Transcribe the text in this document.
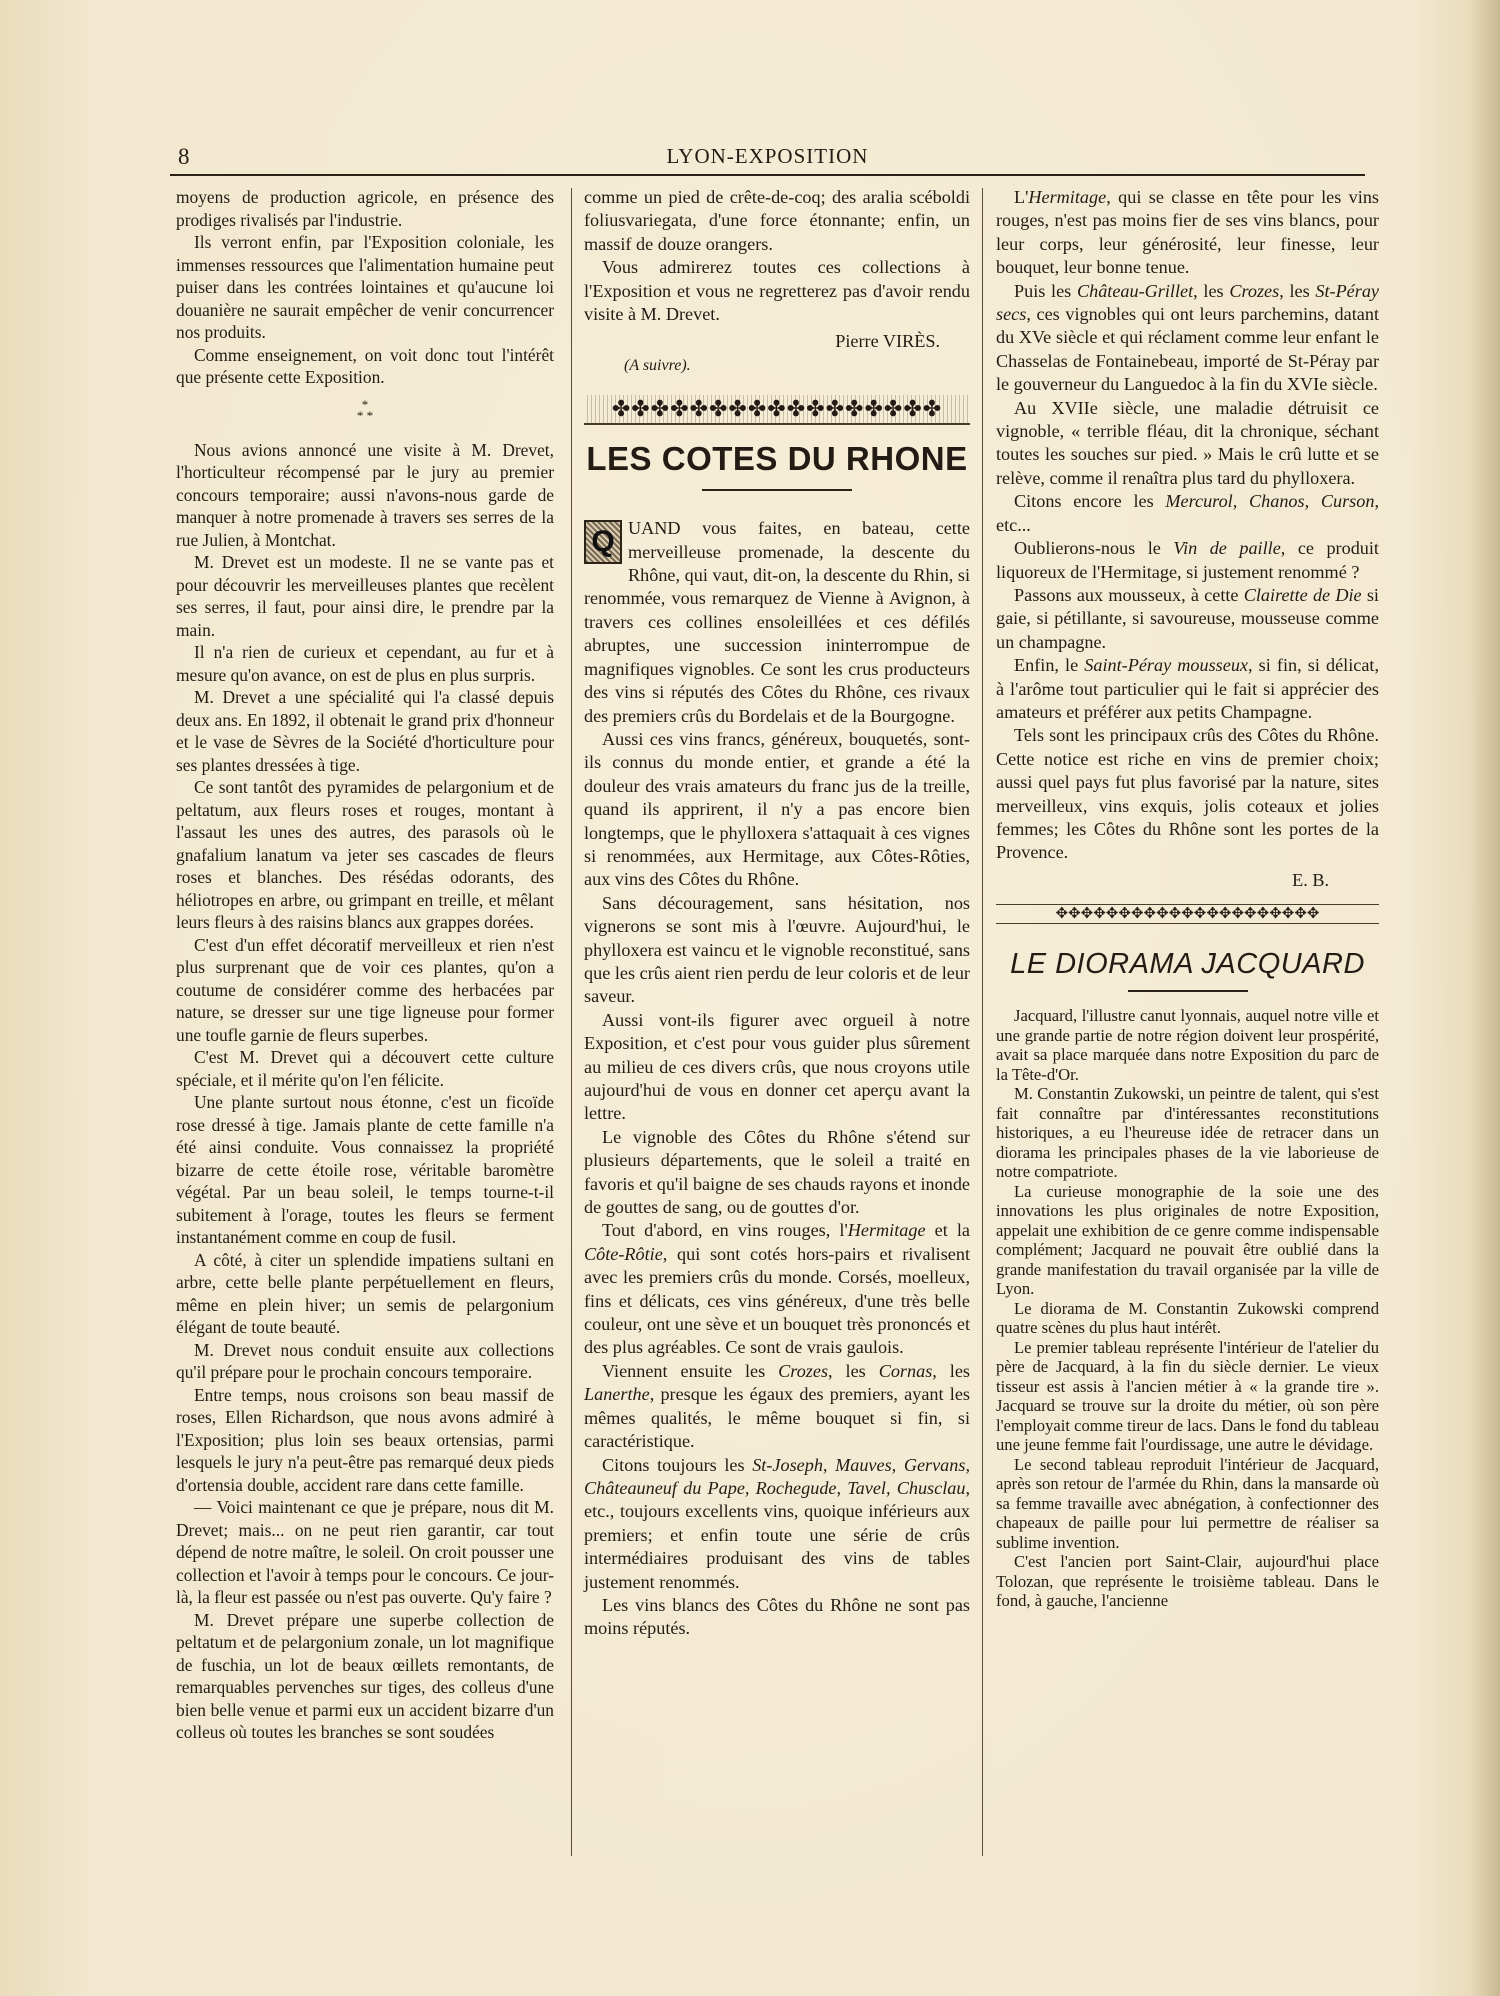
8	LYON-EXPOSITION

moyens de production agricole, en présence des prodiges rivalisés par l'industrie.

Ils verront enfin, par l'Exposition coloniale, les immenses ressources que l'alimentation humaine peut puiser dans les contrées lointaines et qu'aucune loi douanière ne saurait empêcher de venir concurrencer nos produits.

Comme enseignement, on voit donc tout l'intérêt que présente cette Exposition.

*
* *

Nous avions annoncé une visite à M. Drevet, l'horticulteur récompensé par le jury au premier concours temporaire; aussi n'avons-nous garde de manquer à notre promenade à travers ses serres de la rue Julien, à Montchat.

M. Drevet est un modeste. Il ne se vante pas et pour découvrir les merveilleuses plantes que recèlent ses serres, il faut, pour ainsi dire, le prendre par la main.

Il n'a rien de curieux et cependant, au fur et à mesure qu'on avance, on est de plus en plus surpris.

M. Drevet a une spécialité qui l'a classé depuis deux ans. En 1892, il obtenait le grand prix d'honneur et le vase de Sèvres de la Société d'horticulture pour ses plantes dressées à tige.

Ce sont tantôt des pyramides de pelargonium et de peltatum, aux fleurs roses et rouges, montant à l'assaut les unes des autres, des parasols où le gnafalium lanatum va jeter ses cascades de fleurs roses et blanches. Des résédas odorants, des héliotropes en arbre, ou grimpant en treille, et mêlant leurs fleurs à des raisins blancs aux grappes dorées.

C'est d'un effet décoratif merveilleux et rien n'est plus surprenant que de voir ces plantes, qu'on a coutume de considérer comme des herbacées par nature, se dresser sur une tige ligneuse pour former une toufle garnie de fleurs superbes.

C'est M. Drevet qui a découvert cette culture spéciale, et il mérite qu'on l'en félicite.

Une plante surtout nous étonne, c'est un ficoïde rose dressé à tige. Jamais plante de cette famille n'a été ainsi conduite. Vous connaissez la propriété bizarre de cette étoile rose, véritable baromètre végétal. Par un beau soleil, le temps tourne-t-il subitement à l'orage, toutes les fleurs se ferment instantanément comme en coup de fusil.

A côté, à citer un splendide impatiens sultani en arbre, cette belle plante perpétuellement en fleurs, même en plein hiver; un semis de pelargonium élégant de toute beauté.

M. Drevet nous conduit ensuite aux collections qu'il prépare pour le prochain concours temporaire.

Entre temps, nous croisons son beau massif de roses, Ellen Richardson, que nous avons admiré à l'Exposition; plus loin ses beaux ortensias, parmi lesquels le jury n'a peut-être pas remarqué deux pieds d'ortensia double, accident rare dans cette famille.

— Voici maintenant ce que je prépare, nous dit M. Drevet; mais... on ne peut rien garantir, car tout dépend de notre maître, le soleil. On croit pousser une collection et l'avoir à temps pour le concours. Ce jour-là, la fleur est passée ou n'est pas ouverte. Qu'y faire ?

M. Drevet prépare une superbe collection de peltatum et de pelargonium zonale, un lot magnifique de fuschia, un lot de beaux œillets remontants, de remarquables pervenches sur tiges, des colleus d'une bien belle venue et parmi eux un accident bizarre d'un colleus où toutes les branches se sont soudées

comme un pied de crête-de-coq; des aralia scéboldi foliusvariegata, d'une force étonnante; enfin, un massif de douze orangers.

Vous admirerez toutes ces collections à l'Exposition et vous ne regretterez pas d'avoir rendu visite à M. Drevet.

Pierre VIRÈS.
(A suivre).
✤✤✤✤✤✤✤✤✤✤✤✤✤✤✤✤✤
LES COTES DU RHONE

Q UAND vous faites, en bateau, cette merveilleuse promenade, la descente du Rhône, qui vaut, dit-on, la descente du Rhin, si renommée, vous remarquez de Vienne à Avignon, à travers ces collines ensoleillées et ces défilés abruptes, une succession ininterrompue de magnifiques vignobles. Ce sont les crus producteurs des vins si réputés des Côtes du Rhône, ces rivaux des premiers crûs du Bordelais et de la Bourgogne.

Aussi ces vins francs, généreux, bouquetés, sont-ils connus du monde entier, et grande a été la douleur des vrais amateurs du franc jus de la treille, quand ils apprirent, il n'y a pas encore bien longtemps, que le phylloxera s'attaquait à ces vignes si renommées, aux Hermitage, aux Côtes-Rôties, aux vins des Côtes du Rhône.

Sans découragement, sans hésitation, nos vignerons se sont mis à l'œuvre. Aujourd'hui, le phylloxera est vaincu et le vignoble reconstitué, sans que les crûs aient rien perdu de leur coloris et de leur saveur.

Aussi vont-ils figurer avec orgueil à notre Exposition, et c'est pour vous guider plus sûrement au milieu de ces divers crûs, que nous croyons utile aujourd'hui de vous en donner cet aperçu avant la lettre.

Le vignoble des Côtes du Rhône s'étend sur plusieurs départements, que le soleil a traité en favoris et qu'il baigne de ses chauds rayons et inonde de gouttes de sang, ou de gouttes d'or.

Tout d'abord, en vins rouges, l'Hermitage et la Côte-Rôtie, qui sont cotés hors-pairs et rivalisent avec les premiers crûs du monde. Corsés, moelleux, fins et délicats, ces vins généreux, d'une très belle couleur, ont une sève et un bouquet très prononcés et des plus agréables. Ce sont de vrais gaulois.

Viennent ensuite les Crozes, les Cornas, les Lanerthe, presque les égaux des premiers, ayant les mêmes qualités, le même bouquet si fin, si caractéristique.

Citons toujours les St-Joseph, Mauves, Gervans, Châteauneuf du Pape, Rochegude, Tavel, Chusclau, etc., toujours excellents vins, quoique inférieurs aux premiers; et enfin toute une série de crûs intermédiaires produisant des vins de tables justement renommés.

Les vins blancs des Côtes du Rhône ne sont pas moins réputés.

L'Hermitage, qui se classe en tête pour les vins rouges, n'est pas moins fier de ses vins blancs, pour leur corps, leur générosité, leur finesse, leur bouquet, leur bonne tenue.

Puis les Château-Grillet, les Crozes, les St-Péray secs, ces vignobles qui ont leurs parchemins, datant du XVe siècle et qui réclament comme leur enfant le Chasselas de Fontainebeau, importé de St-Péray par le gouverneur du Languedoc à la fin du XVIe siècle.

Au XVIIe siècle, une maladie détruisit ce vignoble, « terrible fléau, dit la chronique, séchant toutes les souches sur pied. » Mais le crû lutte et se relève, comme il renaîtra plus tard du phylloxera.

Citons encore les Mercurol, Chanos, Curson, etc...

Oublierons-nous le Vin de paille, ce produit liquoreux de l'Hermitage, si justement renommé ?

Passons aux mousseux, à cette Clairette de Die si gaie, si pétillante, si savoureuse, mousseuse comme un champagne.

Enfin, le Saint-Péray mousseux, si fin, si délicat, à l'arôme tout particulier qui le fait si apprécier des amateurs et préférer aux petits Champagne.

Tels sont les principaux crûs des Côtes du Rhône. Cette notice est riche en vins de premier choix; aussi quel pays fut plus favorisé par la nature, sites merveilleux, vins exquis, jolis coteaux et jolies femmes; les Côtes du Rhône sont les portes de la Provence.

E. B.
✥✥✥✥✥✥✥✥✥✥✥✥✥✥✥✥✥✥✥✥✥
LE DIORAMA JACQUARD

Jacquard, l'illustre canut lyonnais, auquel notre ville et une grande partie de notre région doivent leur prospérité, avait sa place marquée dans notre Exposition du parc de la Tête-d'Or.

M. Constantin Zukowski, un peintre de talent, qui s'est fait connaître par d'intéressantes reconstitutions historiques, a eu l'heureuse idée de retracer dans un diorama les principales phases de la vie laborieuse de notre compatriote.

La curieuse monographie de la soie une des innovations les plus originales de notre Exposition, appelait une exhibition de ce genre comme indispensable complément; Jacquard ne pouvait être oublié dans la grande manifestation du travail organisée par la ville de Lyon.

Le diorama de M. Constantin Zukowski comprend quatre scènes du plus haut intérêt.

Le premier tableau représente l'intérieur de l'atelier du père de Jacquard, à la fin du siècle dernier. Le vieux tisseur est assis à l'ancien métier à « la grande tire ». Jacquard se trouve sur la droite du métier, où son père l'employait comme tireur de lacs. Dans le fond du tableau une jeune femme fait l'ourdissage, une autre le dévidage.

Le second tableau reproduit l'intérieur de Jacquard, après son retour de l'armée du Rhin, dans la mansarde où sa femme travaille avec abnégation, à confectionner des chapeaux de paille pour lui permettre de réaliser sa sublime invention.

C'est l'ancien port Saint-Clair, aujourd'hui place Tolozan, que représente le troisième tableau. Dans le fond, à gauche, l'ancienne
